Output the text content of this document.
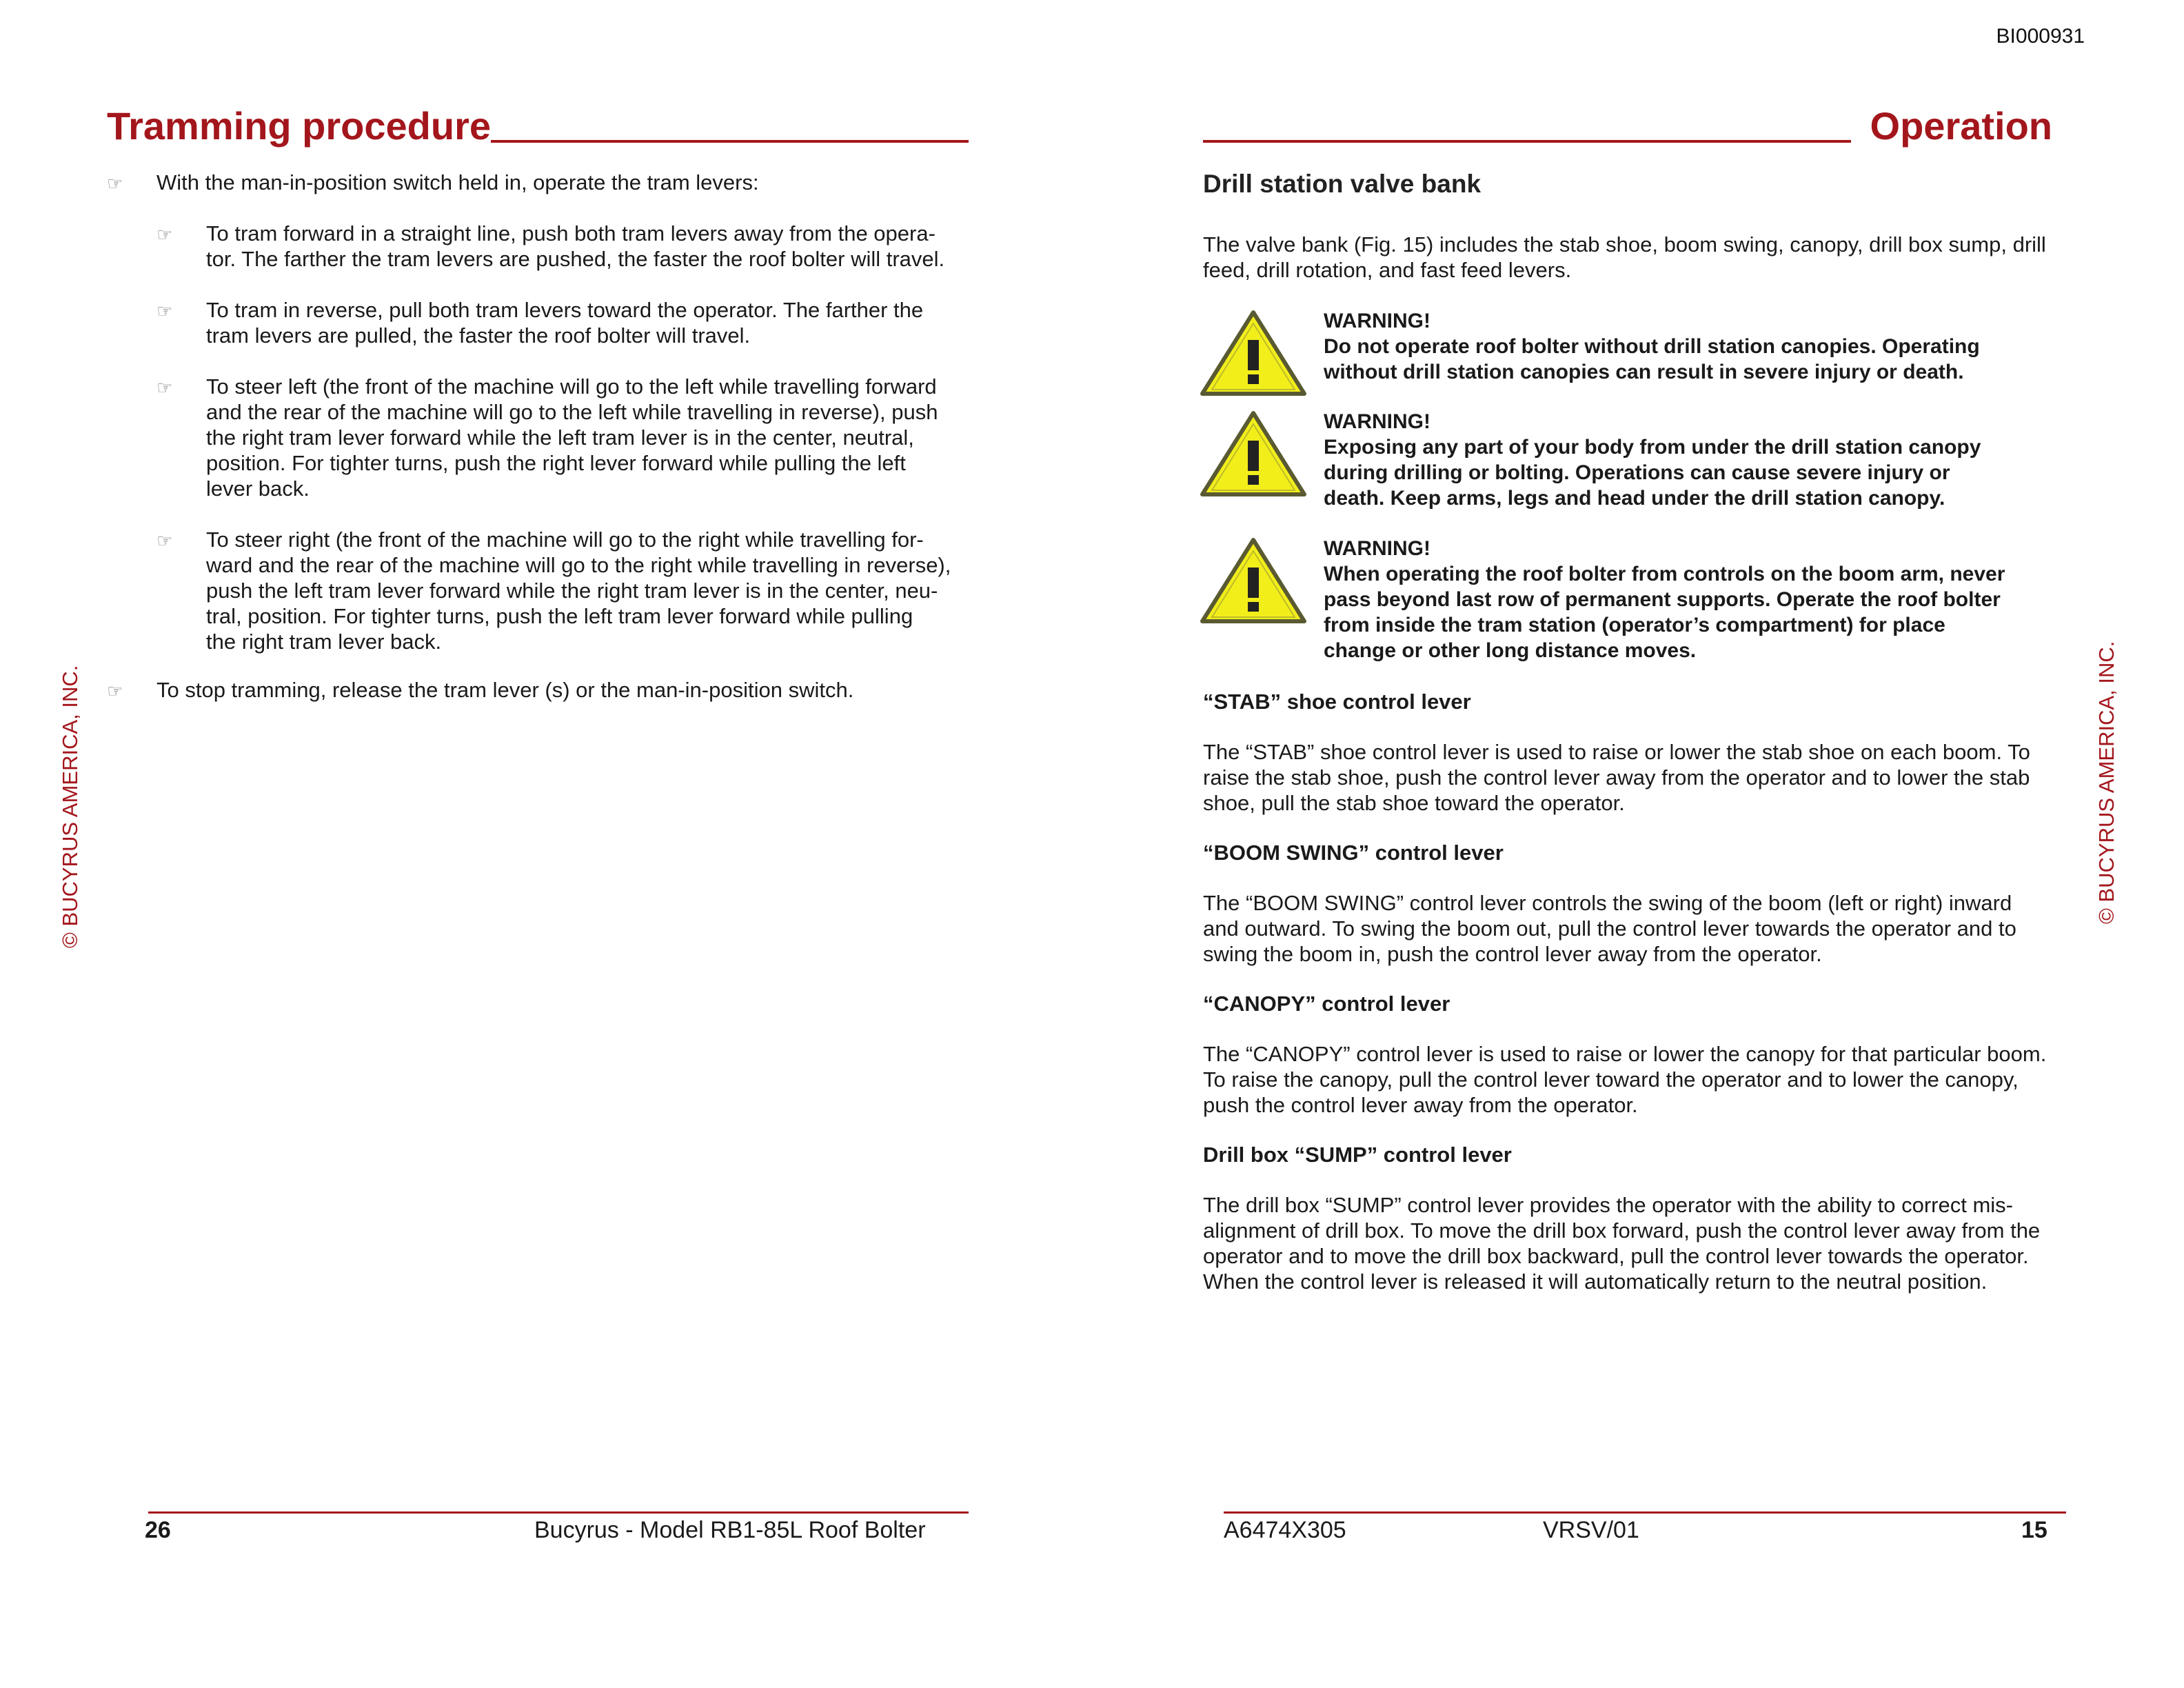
BI000931
Tramming procedure
☞	With the man-in-position switch held in, operate the tram levers:
☞	To tram forward in a straight line, push both tram levers away from the opera-
tor. The farther the tram levers are pushed, the faster the roof bolter will travel.
☞	To tram in reverse, pull both tram levers toward the operator. The farther the
tram levers are pulled, the faster the roof bolter will travel.
☞	To steer left (the front of the machine will go to the left while travelling forward
and the rear of the machine will go to the left while travelling in reverse), push
the right tram lever forward while the left tram lever is in the center, neutral,
position. For tighter turns, push the right lever forward while pulling the left
lever back.
☞	To steer right (the front of the machine will go to the right while travelling for-
ward and the rear of the machine will go to the right while travelling in reverse),
push the left tram lever forward while the right tram lever is in the center, neu-
tral, position. For tighter turns, push the left tram lever forward while pulling
the right tram lever back.
☞	To stop tramming, release the tram lever (s) or the man-in-position switch.
© BUCYRUS AMERICA, INC.
26	Bucyrus - Model RB1-85L Roof Bolter
Operation
Drill station valve bank
The valve bank (Fig. 15) includes the stab shoe, boom swing, canopy, drill box sump, drill
feed, drill rotation, and fast feed levers.
WARNING!
Do not operate roof bolter without drill station canopies. Operating
without drill station canopies can result in severe injury or death.
WARNING!
Exposing any part of your body from under the drill station canopy
during drilling or bolting. Operations can cause severe injury or
death. Keep arms, legs and head under the drill station canopy.
WARNING!
When operating the roof bolter from controls on the boom arm, never
pass beyond last row of permanent supports. Operate the roof bolter
from inside the tram station (operator’s compartment) for place
change or other long distance moves.
“STAB” shoe control lever
The “STAB” shoe control lever is used to raise or lower the stab shoe on each boom. To
raise the stab shoe, push the control lever away from the operator and to lower the stab
shoe, pull the stab shoe toward the operator.
“BOOM SWING” control lever
The “BOOM SWING” control lever controls the swing of the boom (left or right) inward
and outward. To swing the boom out, pull the control lever towards the operator and to
swing the boom in, push the control lever away from the operator.
“CANOPY” control lever
The “CANOPY” control lever is used to raise or lower the canopy for that particular boom.
To raise the canopy, pull the control lever toward the operator and to lower the canopy,
push the control lever away from the operator.
Drill box “SUMP” control lever
The drill box “SUMP” control lever provides the operator with the ability to correct mis-
alignment of drill box. To move the drill box forward, push the control lever away from the
operator and to move the drill box backward, pull the control lever towards the operator.
When the control lever is released it will automatically return to the neutral position.
© BUCYRUS AMERICA, INC.
A6474X305	VRSV/01	15
